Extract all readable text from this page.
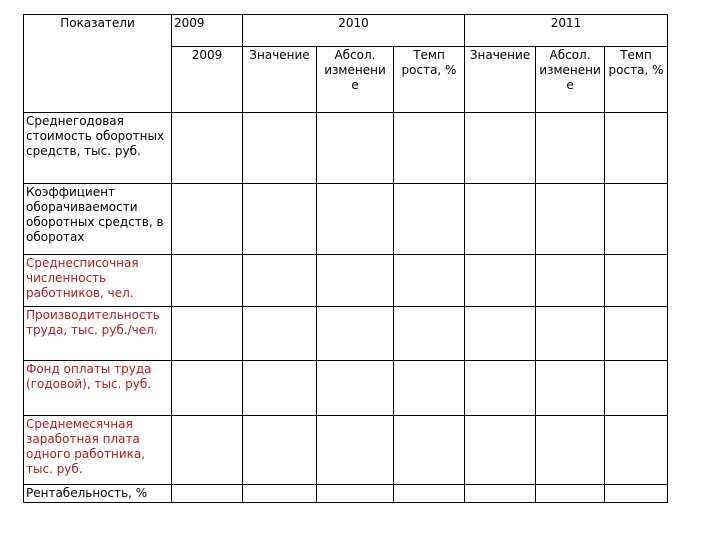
Показатели	2009	2010			2011		
	2009	Значение	Абсол. изменени е	Темп роста, %	Значение	Абсол. изменени е	Темп роста, %
Среднегодовая стоимость оборотных средств, тыс. руб.							
Коэффициент оборачиваемости оборотных средств, в оборотах							
Среднесписочная численность работников, чел.							
Производительность труда, тыс. руб./чел.							
Фонд оплаты труда (годовой), тыс. руб.							
Среднемесячная заработная плата одного работника, тыс. руб.							
Рентабельность, %							
